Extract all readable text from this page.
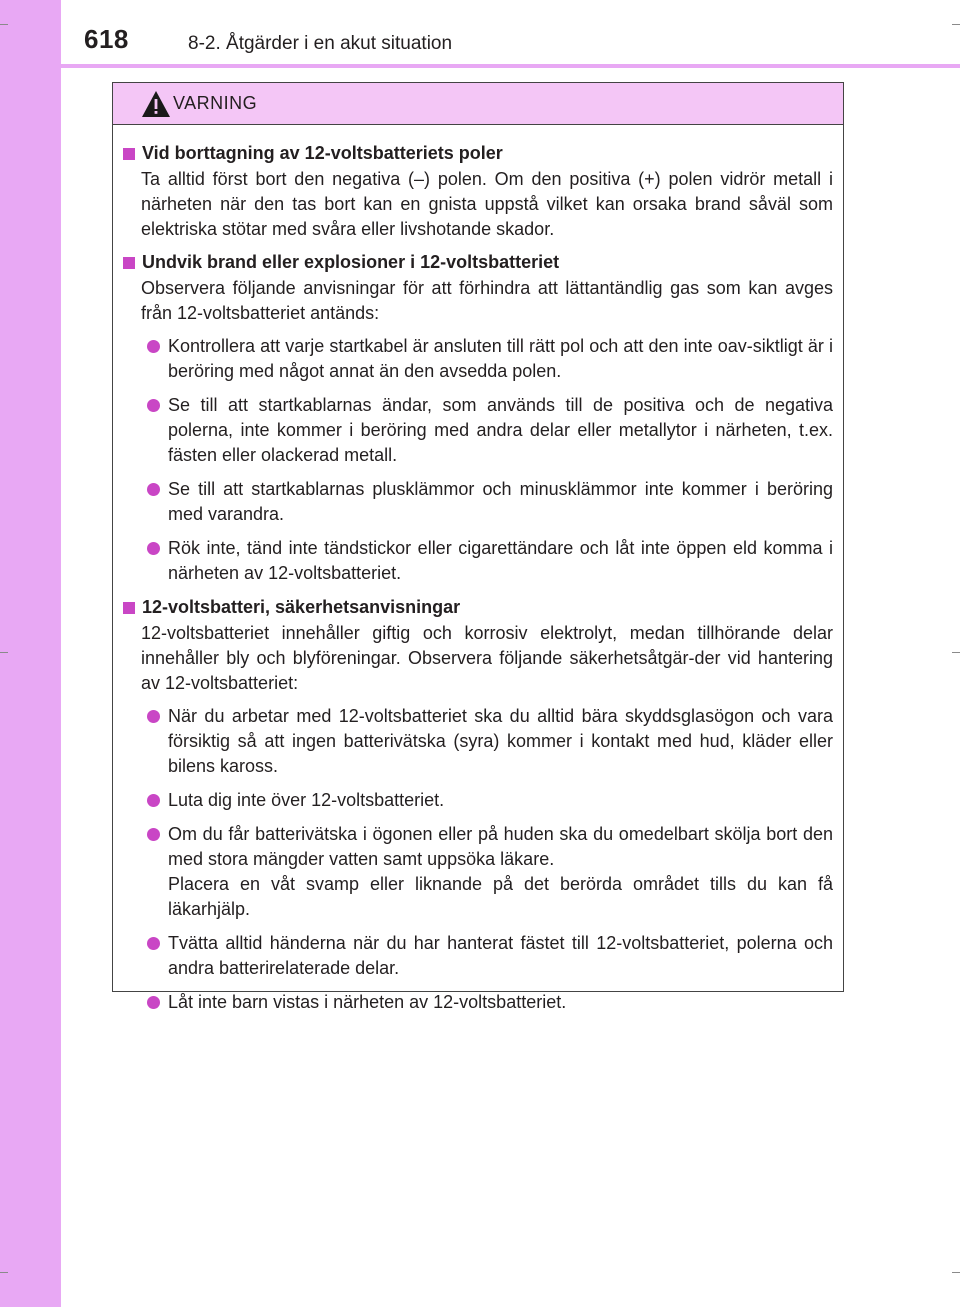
618	8-2. Åtgärder i en akut situation
VARNING
Vid borttagning av 12-voltsbatteriets poler

Ta alltid först bort den negativa (–) polen. Om den positiva (+) polen vidrör metall i närheten när den tas bort kan en gnista uppstå vilket kan orsaka brand såväl som elektriska stötar med svåra eller livshotande skador.

Undvik brand eller explosioner i 12-voltsbatteriet

Observera följande anvisningar för att förhindra att lättantändlig gas som kan avges från 12-voltsbatteriet antänds:

Kontrollera att varje startkabel är ansluten till rätt pol och att den inte oav-siktligt är i beröring med något annat än den avsedda polen.
Se till att startkablarnas ändar, som används till de positiva och de negativa polerna, inte kommer i beröring med andra delar eller metallytor i närheten, t.ex. fästen eller olackerad metall.
Se till att startkablarnas plusklämmor och minusklämmor inte kommer i beröring med varandra.
Rök inte, tänd inte tändstickor eller cigarettändare och låt inte öppen eld komma i närheten av 12-voltsbatteriet.
12-voltsbatteri, säkerhetsanvisningar

12-voltsbatteriet innehåller giftig och korrosiv elektrolyt, medan tillhörande delar innehåller bly och blyföreningar. Observera följande säkerhetsåtgär-der vid hantering av 12-voltsbatteriet:

När du arbetar med 12-voltsbatteriet ska du alltid bära skyddsglasögon och vara försiktig så att ingen batterivätska (syra) kommer i kontakt med hud, kläder eller bilens kaross.
Luta dig inte över 12-voltsbatteriet.
Om du får batterivätska i ögonen eller på huden ska du omedelbart skölja bort den med stora mängder vatten samt uppsöka läkare.
Placera en våt svamp eller liknande på det berörda området tills du kan få läkarhjälp.
Tvätta alltid händerna när du har hanterat fästet till 12-voltsbatteriet, polerna och andra batterirelaterade delar.
Låt inte barn vistas i närheten av 12-voltsbatteriet.
